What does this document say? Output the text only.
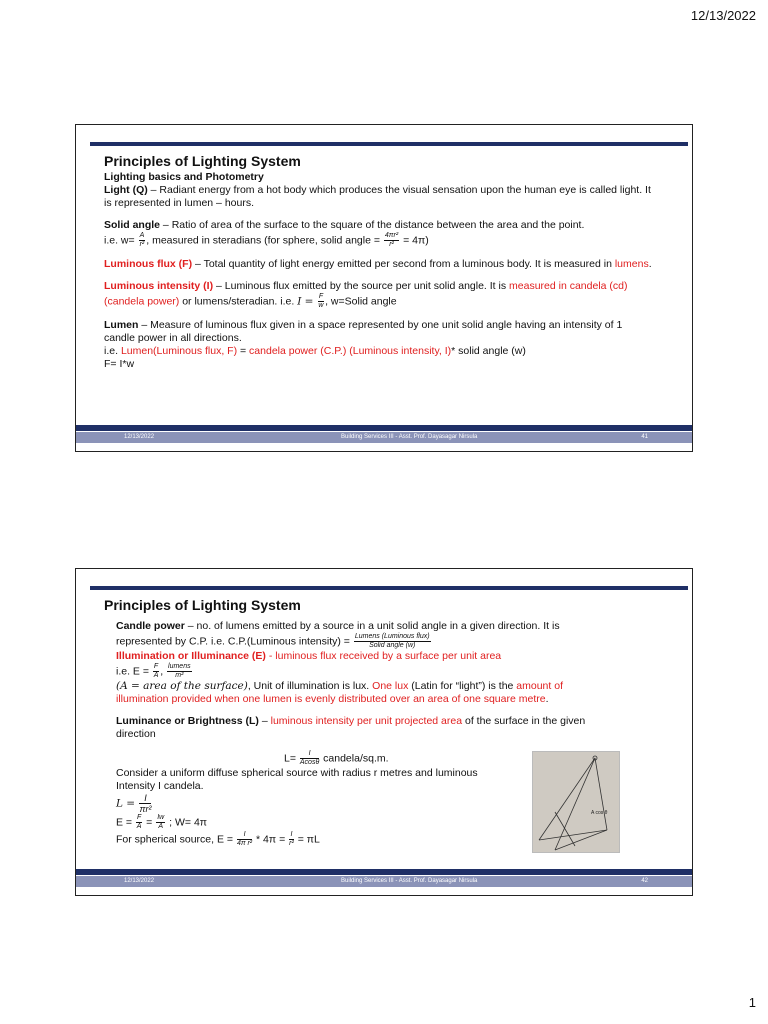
12/13/2022
Principles of Lighting System
Lighting basics and Photometry
Light (Q) – Radiant energy from a hot body which produces the visual sensation upon the human eye is called light. It is represented in lumen – hours.
Solid angle – Ratio of area of the surface to the square of the distance between the area and the point.
i.e. $w= \frac{A}{\text{r²}}$ , measured in steradians (for sphere, solid angle = $\frac{\text{4πr²}}{\text{r²}} = 4\pi$)
Luminous flux (F) – Total quantity of light energy emitted per second from a luminous body. It is measured in lumens.
Luminous intensity (I) – Luminous flux emitted by the source per unit solid angle. It is measured in candela (cd) (candela power) or lumens/steradian. i.e. $I = \frac{F}{w}$ , w=Solid angle
Lumen – Measure of luminous flux given in a space represented by one unit solid angle having an intensity of 1 candle power in all directions.
i.e. Lumen(Luminous flux, F) = candela power (C.P.) (Luminous intensity, I)* solid angle (w)
F= I*w
12/13/2022	Building Services III - Asst. Prof. Dayasagar Nirsula	41
Principles of Lighting System
Candle power – no. of lumens emitted by a source in a unit solid angle in a given direction. It is represented by C.P. i.e. C.P.(Luminous intensity) = Lumens (Luminous flux)
Solid angle (w)
Illumination or Illuminance (E) - luminous flux received by a surface per unit area
i.e. $E = \frac{F}{A}$ , lumens
m²
(A = area of the surface), Unit of illumination is lux. One lux (Latin for “light”) is the amount of illumination provided when one lumen is evenly distributed over an area of one square metre.
Luminance or Brightness (L) – luminous intensity per unit projected area of the surface in the given direction
$L= \frac{I}{Acos\theta}$ candela/sq.m.
Consider a uniform diffuse spherical source with radius r metres and luminous Intensity I candela.
$L = \frac{I}{\text{πr²}}$
$E = \frac{F}{A} = \frac{Iw}{A}$ ; W= 4π
For spherical source, $E = \frac{I}{\text{4π r²}} * 4\pi = \frac{I}{\text{r²}} = \pi L$
A cos θ
12/13/2022	Building Services III - Asst. Prof. Dayasagar Nirsula	42
1
